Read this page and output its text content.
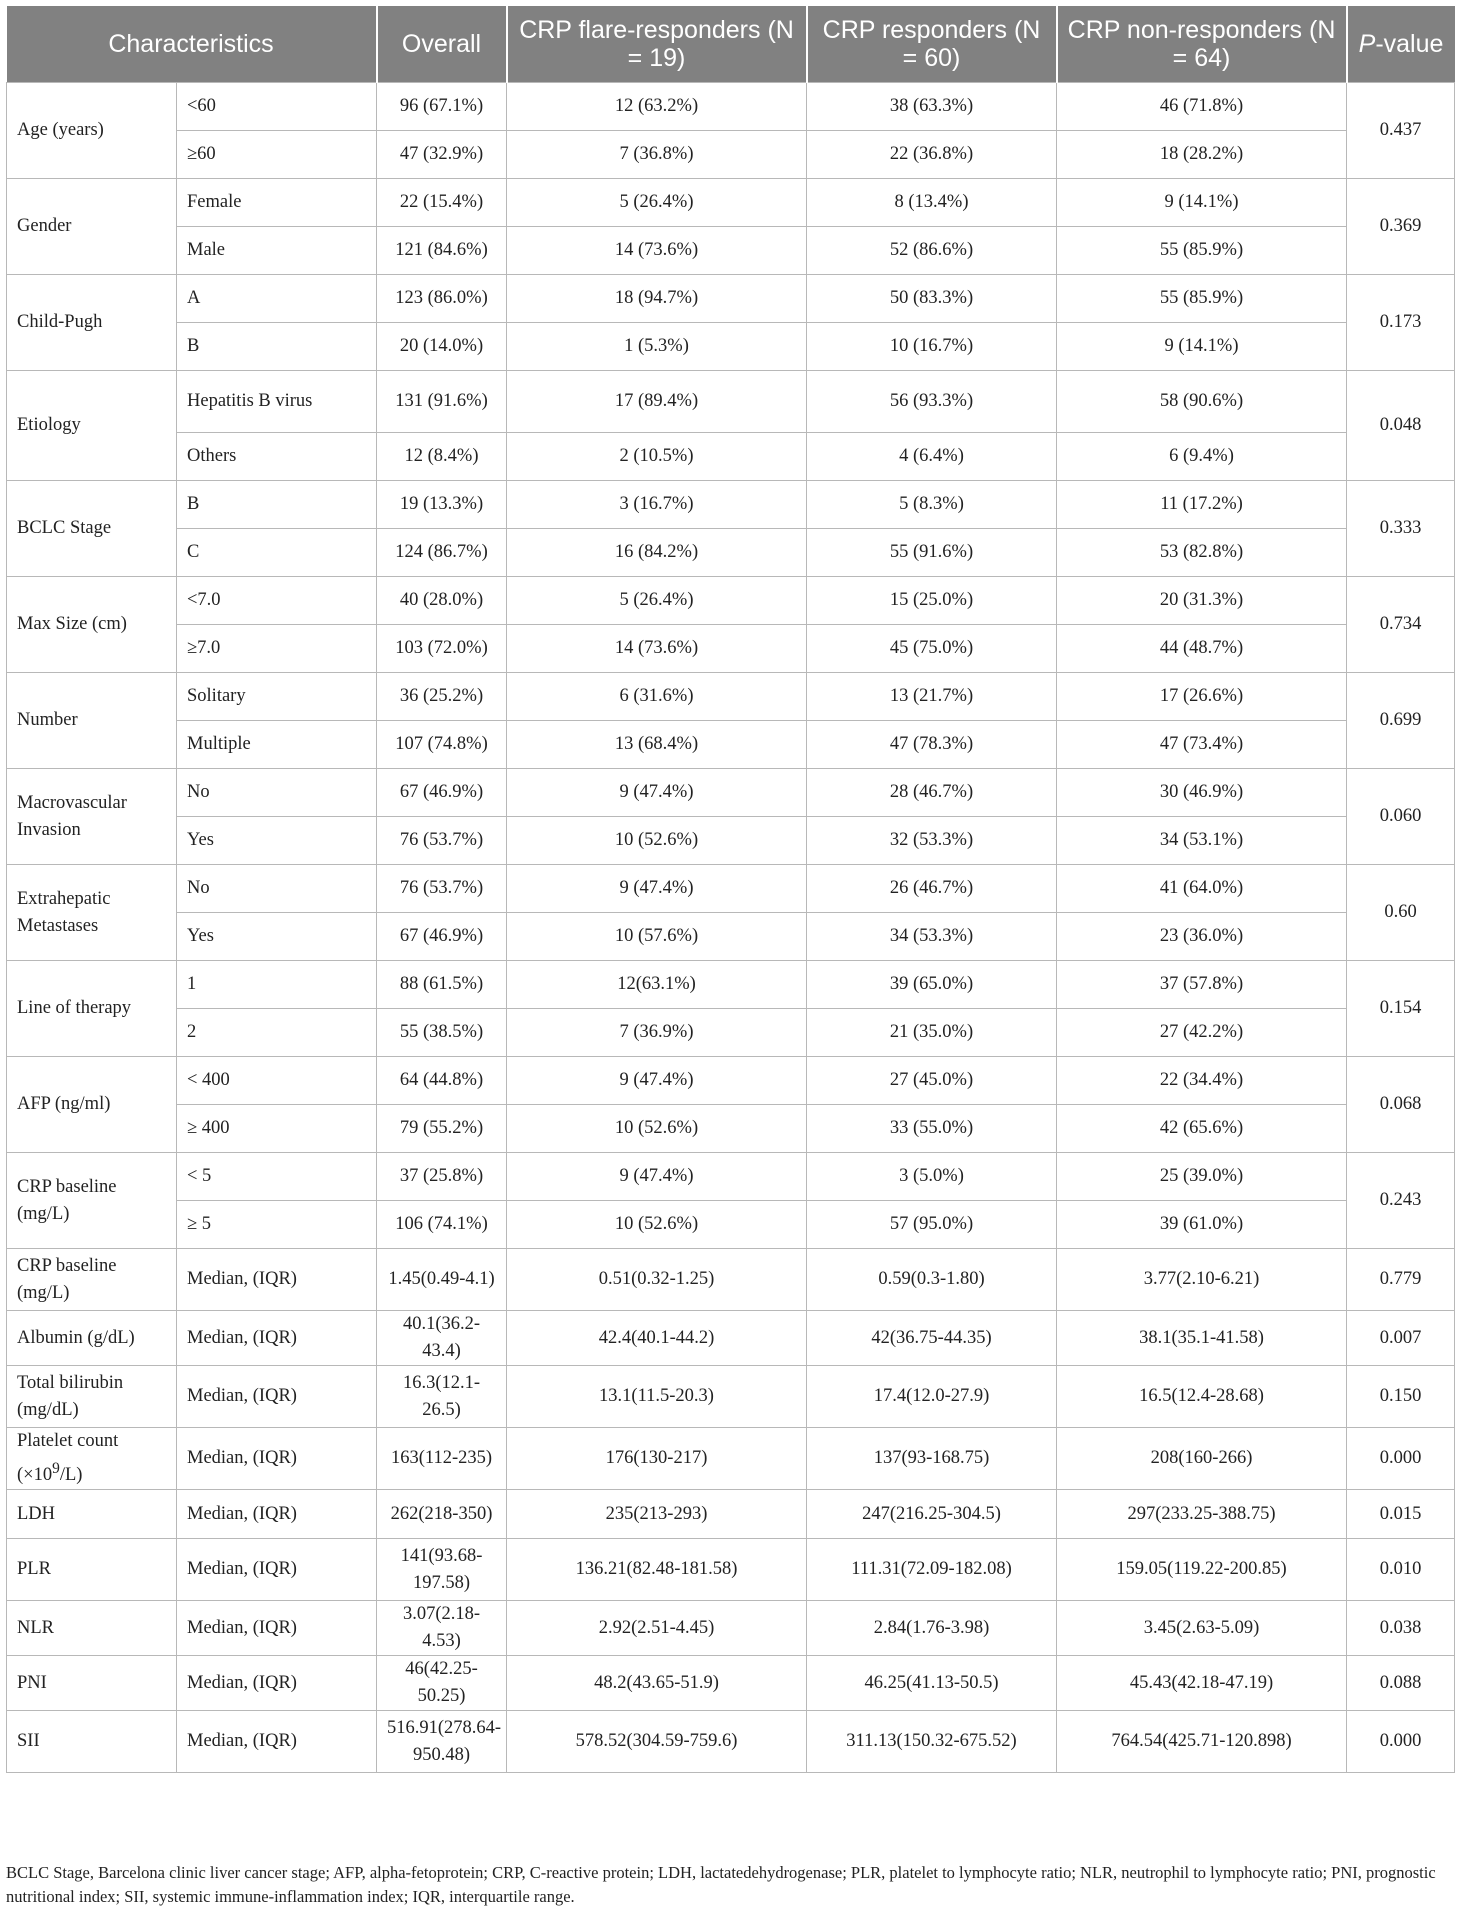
Characteristics		Overall	CRP flare-responders (N = 19)	CRP responders (N = 60)	CRP non-responders (N = 64)	P-value
Age (years)	<60	96 (67.1%)	12 (63.2%)	38 (63.3%)	46 (71.8%)	0.437
	≥60	47 (32.9%)	7 (36.8%)	22 (36.8%)	18 (28.2%)	
Gender	Female	22 (15.4%)	5 (26.4%)	8 (13.4%)	9 (14.1%)	0.369
	Male	121 (84.6%)	14 (73.6%)	52 (86.6%)	55 (85.9%)	
Child-Pugh	A	123 (86.0%)	18 (94.7%)	50 (83.3%)	55 (85.9%)	0.173
	B	20 (14.0%)	1 (5.3%)	10 (16.7%)	9 (14.1%)	
Etiology	Hepatitis B virus	131 (91.6%)	17 (89.4%)	56 (93.3%)	58 (90.6%)	0.048
	Others	12 (8.4%)	2 (10.5%)	4 (6.4%)	6 (9.4%)	
BCLC Stage	B	19 (13.3%)	3 (16.7%)	5 (8.3%)	11 (17.2%)	0.333
	C	124 (86.7%)	16 (84.2%)	55 (91.6%)	53 (82.8%)	
Max Size (cm)	<7.0	40 (28.0%)	5 (26.4%)	15 (25.0%)	20 (31.3%)	0.734
	≥7.0	103 (72.0%)	14 (73.6%)	45 (75.0%)	44 (48.7%)	
Number	Solitary	36 (25.2%)	6 (31.6%)	13 (21.7%)	17 (26.6%)	0.699
	Multiple	107 (74.8%)	13 (68.4%)	47 (78.3%)	47 (73.4%)	
Macrovascular Invasion	No	67 (46.9%)	9 (47.4%)	28 (46.7%)	30 (46.9%)	0.060
	Yes	76 (53.7%)	10 (52.6%)	32 (53.3%)	34 (53.1%)	
Extrahepatic Metastases	No	76 (53.7%)	9 (47.4%)	26 (46.7%)	41 (64.0%)	0.60
	Yes	67 (46.9%)	10 (57.6%)	34 (53.3%)	23 (36.0%)	
Line of therapy	1	88 (61.5%)	12(63.1%)	39 (65.0%)	37 (57.8%)	0.154
	2	55 (38.5%)	7 (36.9%)	21 (35.0%)	27 (42.2%)	
AFP (ng/ml)	< 400	64 (44.8%)	9 (47.4%)	27 (45.0%)	22 (34.4%)	0.068
	≥ 400	79 (55.2%)	10 (52.6%)	33 (55.0%)	42 (65.6%)	
CRP baseline (mg/L)	< 5	37 (25.8%)	9 (47.4%)	3 (5.0%)	25 (39.0%)	0.243
	≥ 5	106 (74.1%)	10 (52.6%)	57 (95.0%)	39 (61.0%)	
CRP baseline (mg/L)	Median, (IQR)	1.45(0.49-4.1)	0.51(0.32-1.25)	0.59(0.3-1.80)	3.77(2.10-6.21)	0.779
Albumin (g/dL)	Median, (IQR)	40.1(36.2-43.4)	42.4(40.1-44.2)	42(36.75-44.35)	38.1(35.1-41.58)	0.007
Total bilirubin (mg/dL)	Median, (IQR)	16.3(12.1-26.5)	13.1(11.5-20.3)	17.4(12.0-27.9)	16.5(12.4-28.68)	0.150
Platelet count
$(\times 10^9/L)$	Median, (IQR)	163(112-235)	176(130-217)	137(93-168.75)	208(160-266)	0.000
LDH	Median, (IQR)	262(218-350)	235(213-293)	247(216.25-304.5)	297(233.25-388.75)	0.015
PLR	Median, (IQR)	141(93.68-197.58)	136.21(82.48-181.58)	111.31(72.09-182.08)	159.05(119.22-200.85)	0.010
NLR	Median, (IQR)	3.07(2.18-4.53)	2.92(2.51-4.45)	2.84(1.76-3.98)	3.45(2.63-5.09)	0.038
PNI	Median, (IQR)	46(42.25-50.25)	48.2(43.65-51.9)	46.25(41.13-50.5)	45.43(42.18-47.19)	0.088
SII	Median, (IQR)	516.91(278.64-950.48)	578.52(304.59-759.6)	311.13(150.32-675.52)	764.54(425.71-120.898)	0.000
BCLC Stage, Barcelona clinic liver cancer stage; AFP, alpha-fetoprotein; CRP, C-reactive protein; LDH, lactatedehydrogenase; PLR, platelet to lymphocyte ratio; NLR, neutrophil to lymphocyte ratio; PNI, prognostic nutritional index; SII, systemic immune-inflammation index; IQR, interquartile range.
